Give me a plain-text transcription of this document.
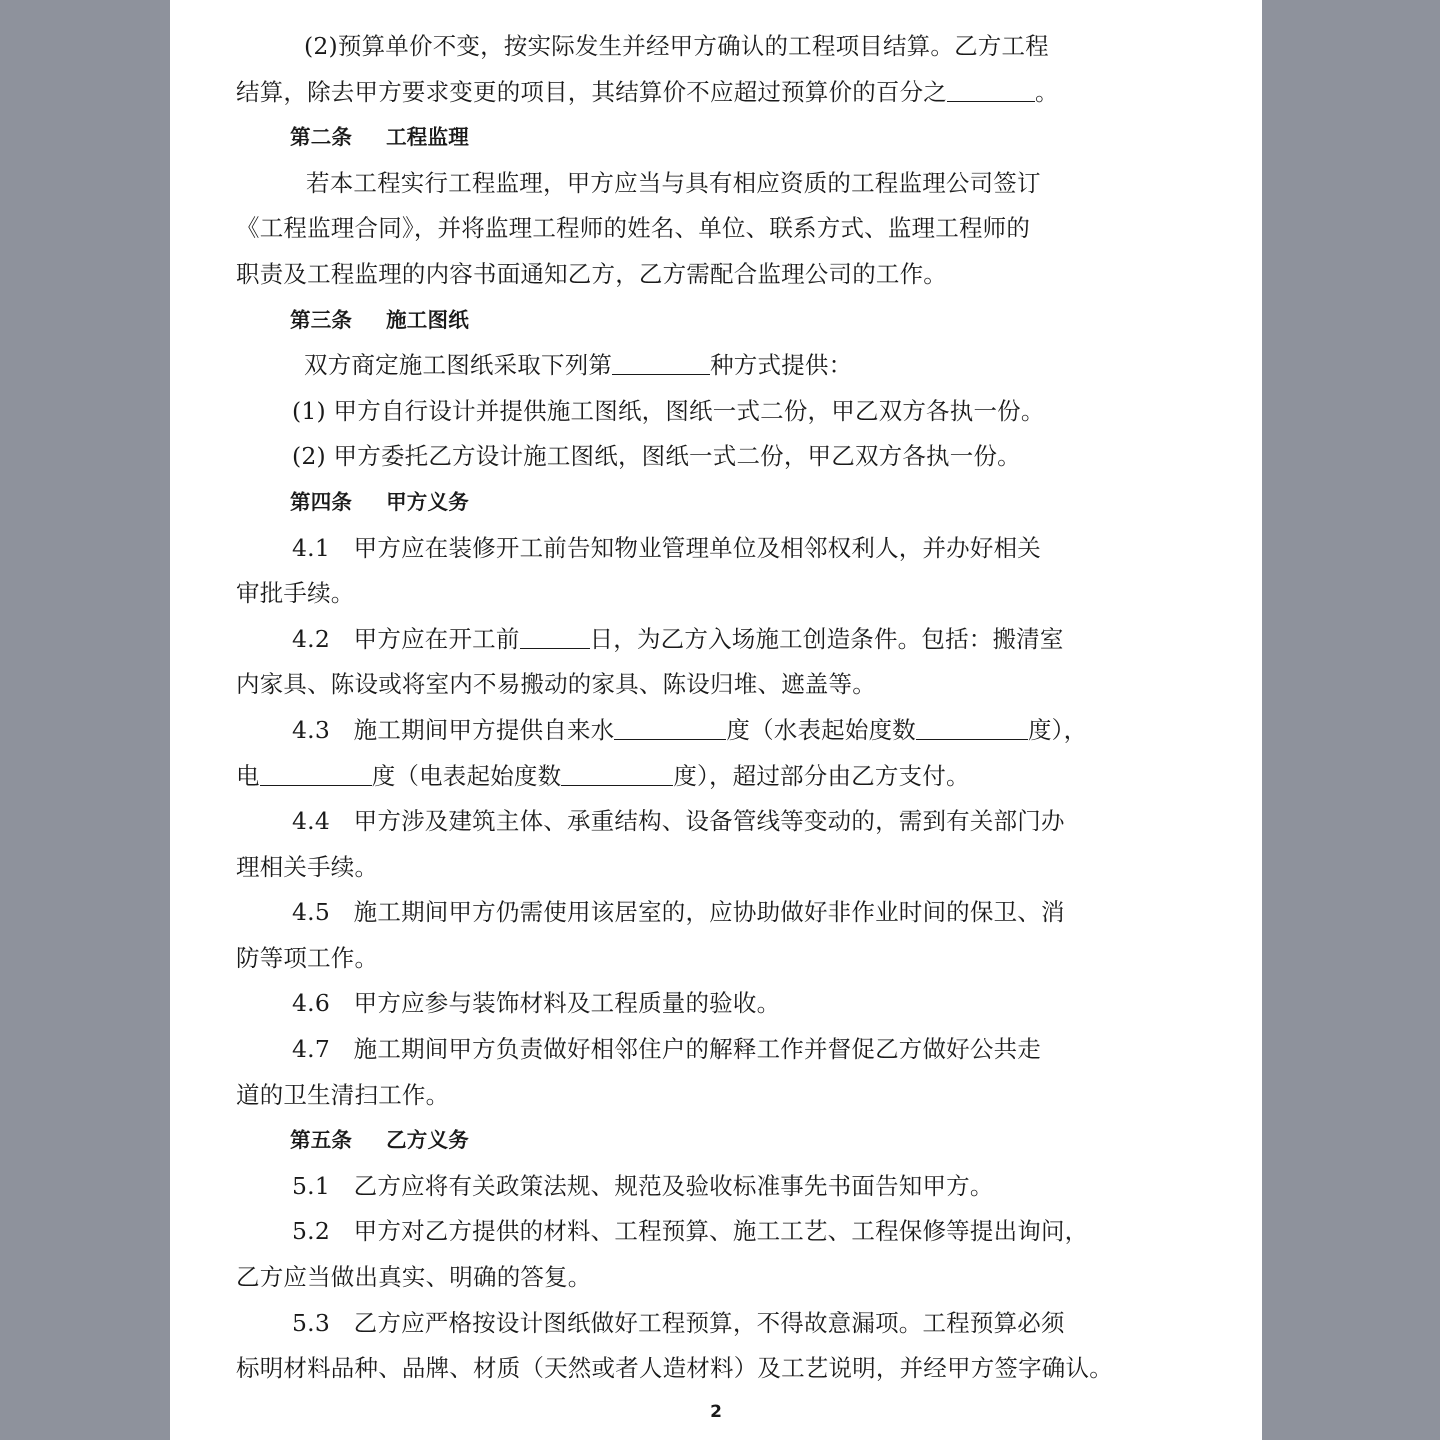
(2)预算单价不变，按实际发生并经甲方确认的工程项目结算。乙方工程
结算，除去甲方要求变更的项目，其结算价不应超过预算价的百分之	。
第二条 工程监理
若本工程实行工程监理，甲方应当与具有相应资质的工程监理公司签订
《工程监理合同》，并将监理工程师的姓名、单位、联系方式、监理工程师的
职责及工程监理的内容书面通知乙方，乙方需配合监理公司的工作。
第三条 施工图纸
双方商定施工图纸采取下列第	种方式提供：
(1) 甲方自行设计并提供施工图纸，图纸一式二份，甲乙双方各执一份。
(2) 甲方委托乙方设计施工图纸，图纸一式二份，甲乙双方各执一份。
第四条 甲方义务
4.1　甲方应在装修开工前告知物业管理单位及相邻权利人，并办好相关
审批手续。
4.2　甲方应在开工前	日，为乙方入场施工创造条件。包括：搬清室
内家具、陈设或将室内不易搬动的家具、陈设归堆、遮盖等。
4.3　施工期间甲方提供自来水	度（水表起始度数	度），
电	度（电表起始度数	度），超过部分由乙方支付。
4.4　甲方涉及建筑主体、承重结构、设备管线等变动的，需到有关部门办
理相关手续。
4.5　施工期间甲方仍需使用该居室的，应协助做好非作业时间的保卫、消
防等项工作。
4.6　甲方应参与装饰材料及工程质量的验收。
4.7　施工期间甲方负责做好相邻住户的解释工作并督促乙方做好公共走
道的卫生清扫工作。
第五条 乙方义务
5.1　乙方应将有关政策法规、规范及验收标准事先书面告知甲方。
5.2　甲方对乙方提供的材料、工程预算、施工工艺、工程保修等提出询问，
乙方应当做出真实、明确的答复。
5.3　乙方应严格按设计图纸做好工程预算，不得故意漏项。工程预算必须
标明材料品种、品牌、材质（天然或者人造材料）及工艺说明，并经甲方签字确认。
2
